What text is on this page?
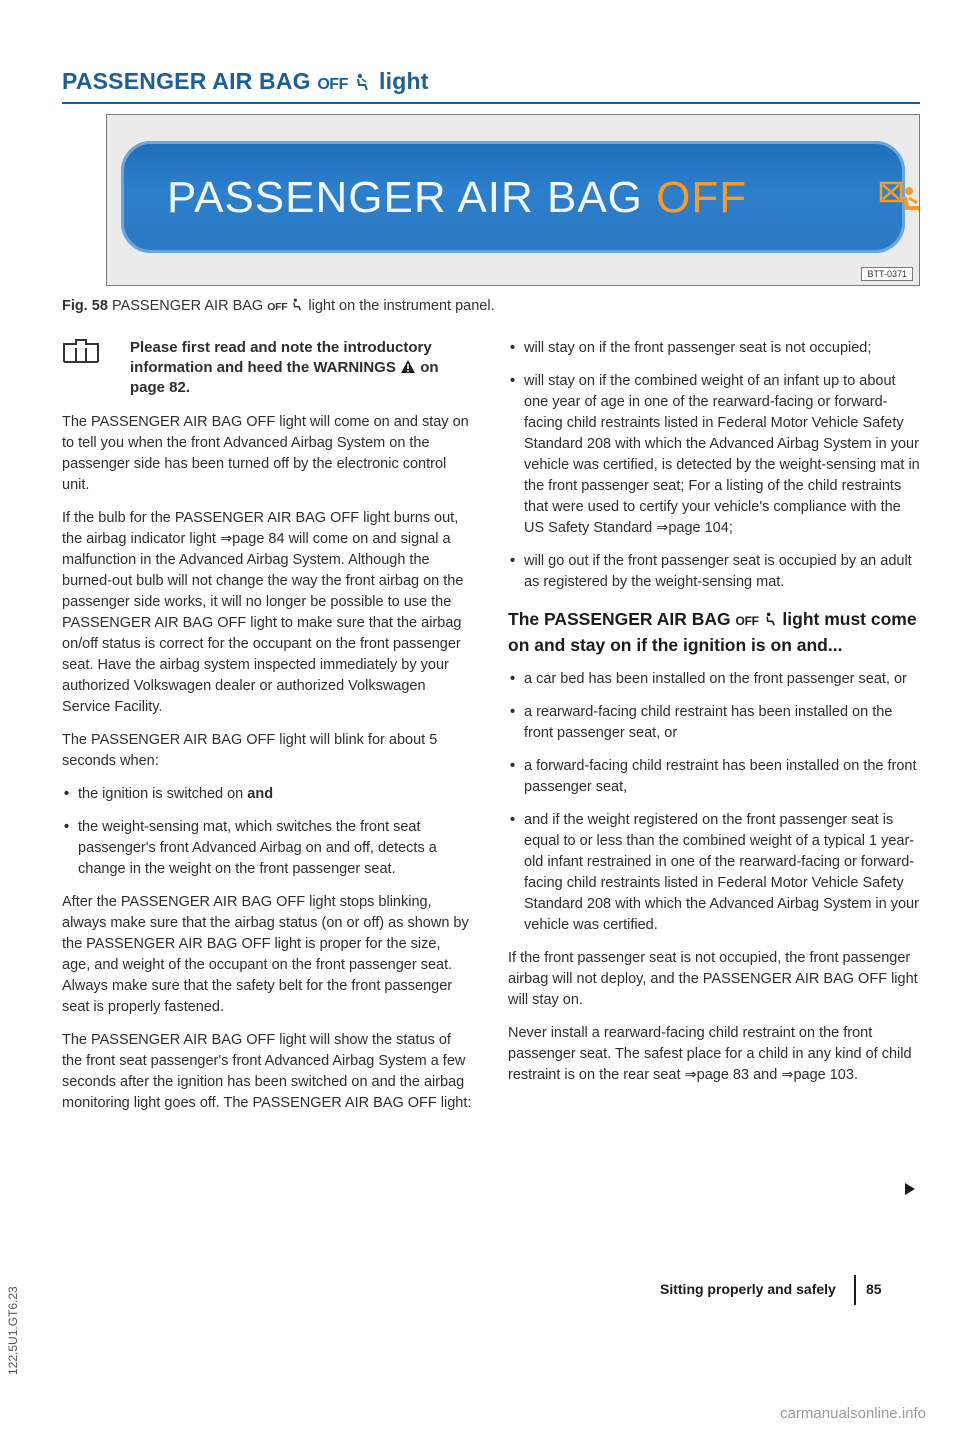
PASSENGER AIR BAG OFF light
PASSENGER AIR BAG OFF
BTT-0371
Fig. 58 PASSENGER AIR BAG OFF light on the instrument panel.
Please first read and note the introductory information and heed the WARNINGS on page 82.

The PASSENGER AIR BAG OFF light will come on and stay on to tell you when the front Advanced Airbag System on the passenger side has been turned off by the electronic control unit.

If the bulb for the PASSENGER AIR BAG OFF light burns out, the airbag indicator light ⇒page 84 will come on and signal a malfunction in the Advanced Airbag System. Although the burned-out bulb will not change the way the front airbag on the passenger side works, it will no longer be possible to use the PASSENGER AIR BAG OFF light to make sure that the airbag on/off status is correct for the occupant on the front passenger seat. Have the airbag system inspected immediately by your authorized Volkswagen dealer or authorized Volkswagen Service Facility.

The PASSENGER AIR BAG OFF light will blink for about 5 seconds when:

• the ignition is switched on and
• the weight-sensing mat, which switches the front seat passenger's front Advanced Airbag on and off, detects a change in the weight on the front passenger seat.

After the PASSENGER AIR BAG OFF light stops blinking, always make sure that the airbag status (on or off) as shown by the PASSENGER AIR BAG OFF light is proper for the size, age, and weight of the occupant on the front passenger seat. Always make sure that the safety belt for the front passenger seat is properly fastened.

The PASSENGER AIR BAG OFF light will show the status of the front seat passenger's front Advanced Airbag System a few seconds after the ignition has been switched on and the airbag monitoring light goes off. The PASSENGER AIR BAG OFF light:

• will stay on if the front passenger seat is not occupied;
• will stay on if the combined weight of an infant up to about one year of age in one of the rearward-facing or forward-facing child restraints listed in Federal Motor Vehicle Safety Standard 208 with which the Advanced Airbag System in your vehicle was certified, is detected by the weight-sensing mat in the front passenger seat; For a listing of the child restraints that were used to certify your vehicle's compliance with the US Safety Standard ⇒page 104;
• will go out if the front passenger seat is occupied by an adult as registered by the weight-sensing mat.
The PASSENGER AIR BAG OFF light must come on and stay on if the ignition is on and...
• a car bed has been installed on the front passenger seat, or
• a rearward-facing child restraint has been installed on the front passenger seat, or
• a forward-facing child restraint has been installed on the front passenger seat,
• and if the weight registered on the front passenger seat is equal to or less than the combined weight of a typical 1 year-old infant restrained in one of the rearward-facing or forward-facing child restraints listed in Federal Motor Vehicle Safety Standard 208 with which the Advanced Airbag System in your vehicle was certified.

If the front passenger seat is not occupied, the front passenger airbag will not deploy, and the PASSENGER AIR BAG OFF light will stay on.

Never install a rearward-facing child restraint on the front passenger seat. The safest place for a child in any kind of child restraint is on the rear seat ⇒page 83 and ⇒page 103.

Sitting properly and safely 85
122.5U1.GT6.23
carmanualsonline.info
